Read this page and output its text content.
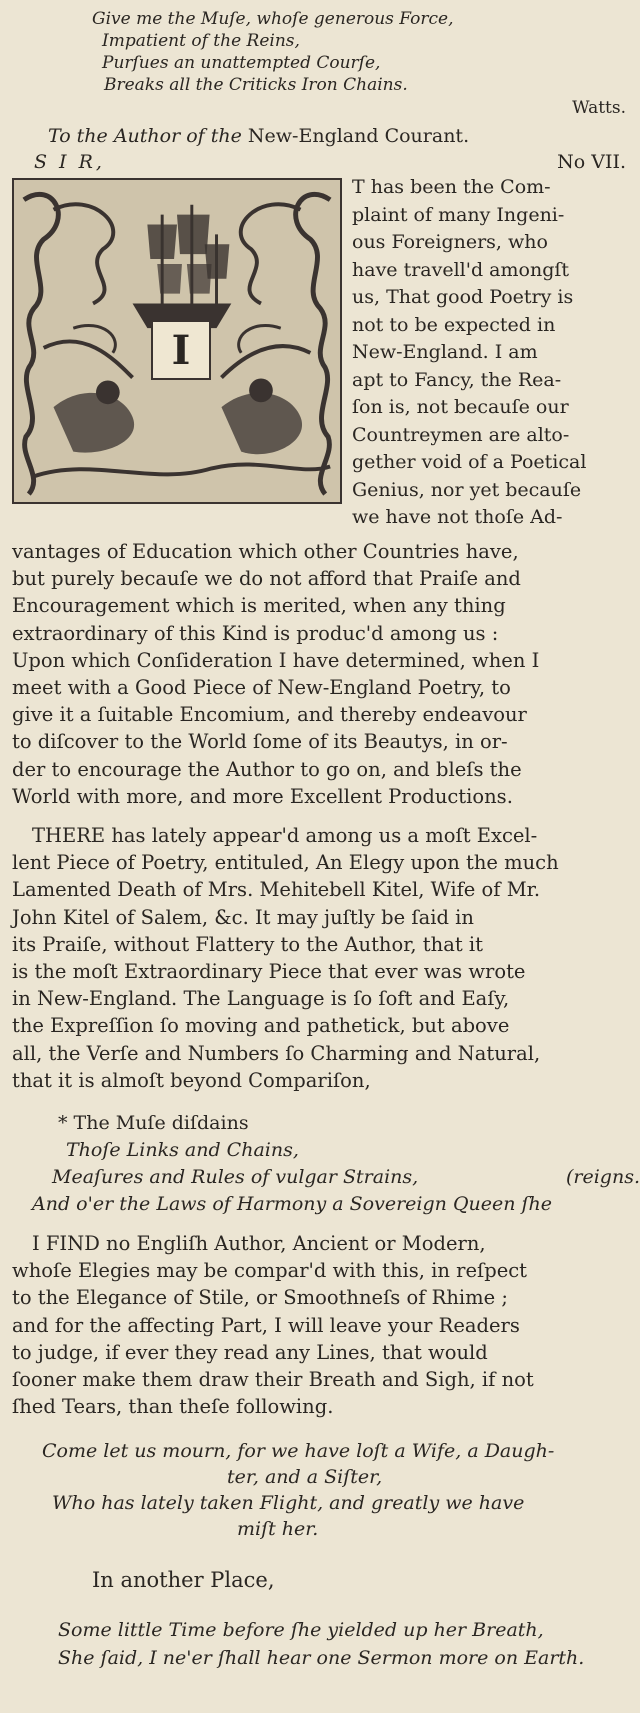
Give me the Muſe, whoſe generous Force,
Impatient of the Reins,
Purſues an unattempted Courſe,
Breaks all the Criticks Iron Chains.
Watts.
To the Author of the New-England Courant.
S I R,	No VII.
I
T has been the Com-
plaint of many Ingeni-
ous Foreigners, who
have travell'd amongſt
us, That good Poetry is
not to be expected in
New-England. I am
apt to Fancy, the Rea-
ſon is, not becauſe our
Countreymen are alto-
gether void of a Poetical
Genius, nor yet becauſe
we have not thoſe Ad-
vantages of Education which other Countries have,
but purely becauſe we do not afford that Praiſe and
Encouragement which is merited, when any thing
extraordinary of this Kind is produc'd among us :
Upon which Conſideration I have determined, when I
meet with a Good Piece of New-England Poetry, to
give it a ſuitable Encomium, and thereby endeavour
to diſcover to the World ſome of its Beautys, in or-
der to encourage the Author to go on, and bleſs the
World with more, and more Excellent Productions.
THERE has lately appear'd among us a moſt Excel-
lent Piece of Poetry, entituled, An Elegy upon the much
Lamented Death of Mrs. Mehitebell Kitel, Wife of Mr.
John Kitel of Salem, &c. It may juſtly be ſaid in
its Praiſe, without Flattery to the Author, that it
is the moſt Extraordinary Piece that ever was wrote
in New-England. The Language is ſo ſoft and Eaſy,
the Expreſſion ſo moving and pathetick, but above
all, the Verſe and Numbers ſo Charming and Natural,
that it is almoſt beyond Compariſon,
* The Muſe diſdains
Thoſe Links and Chains,
Meaſures and Rules of vulgar Strains,	(reigns.
And o'er the Laws of Harmony a Sovereign Queen ſhe
I FIND no Engliſh Author, Ancient or Modern,
whoſe Elegies may be compar'd with this, in reſpect
to the Elegance of Stile, or Smoothneſs of Rhime ;
and for the affecting Part, I will leave your Readers
to judge, if ever they read any Lines, that would
ſooner make them draw their Breath and Sigh, if not
ſhed Tears, than theſe following.
Come let us mourn, for we have loſt a Wife, a Daugh-
ter, and a Siſter,
Who has lately taken Flight, and greatly we have
miſt her.
In another Place,
Some little Time before ſhe yielded up her Breath,
She ſaid, I ne'er ſhall hear one Sermon more on Earth.
